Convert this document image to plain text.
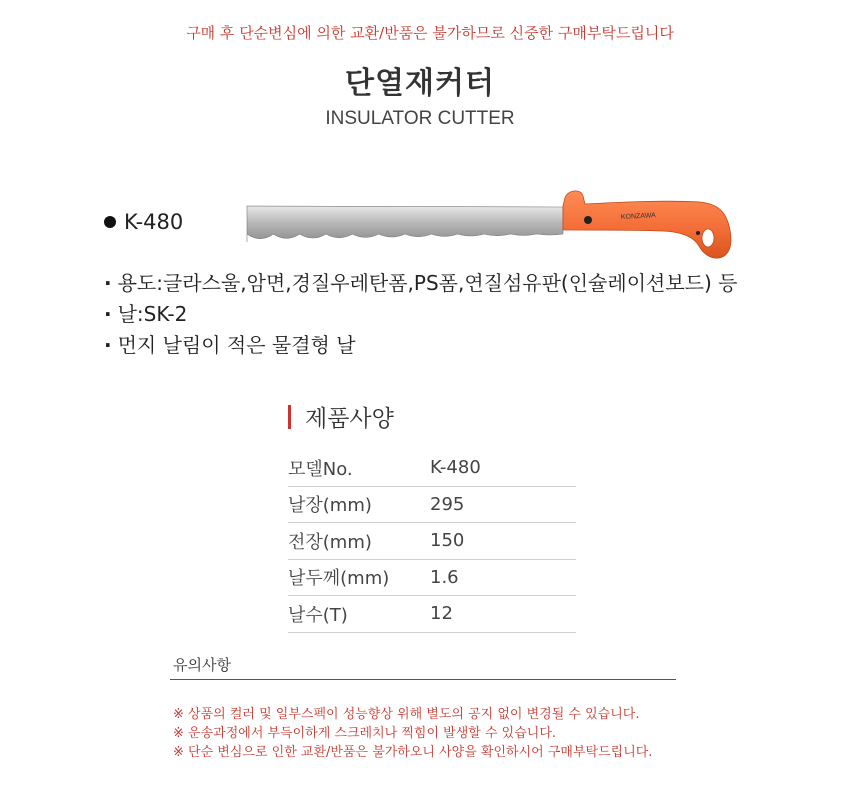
구매 후 단순변심에 의한 교환/반품은 불가하므로 신중한 구매부탁드립니다
단열재커터
INSULATOR CUTTER
K-480	KONZAWA
· 용도:글라스울,암면,경질우레탄폼,PS폼,연질섬유판(인슐레이션보드) 등
· 날:SK-2
· 먼지 날림이 적은 물결형 날
제품사양
모델No.	K-480
날장(mm)	295
전장(mm)	150
날두께(mm)	1.6
날수(T)	12
유의사항
※ 상품의 컬러 및 일부스펙이 성능향상 위해 별도의 공지 없이 변경될 수 있습니다.
※ 운송과정에서 부득이하게 스크레치나 찍힘이 발생할 수 있습니다.
※ 단순 변심으로 인한 교환/반품은 불가하오니 사양을 확인하시어 구매부탁드립니다.
